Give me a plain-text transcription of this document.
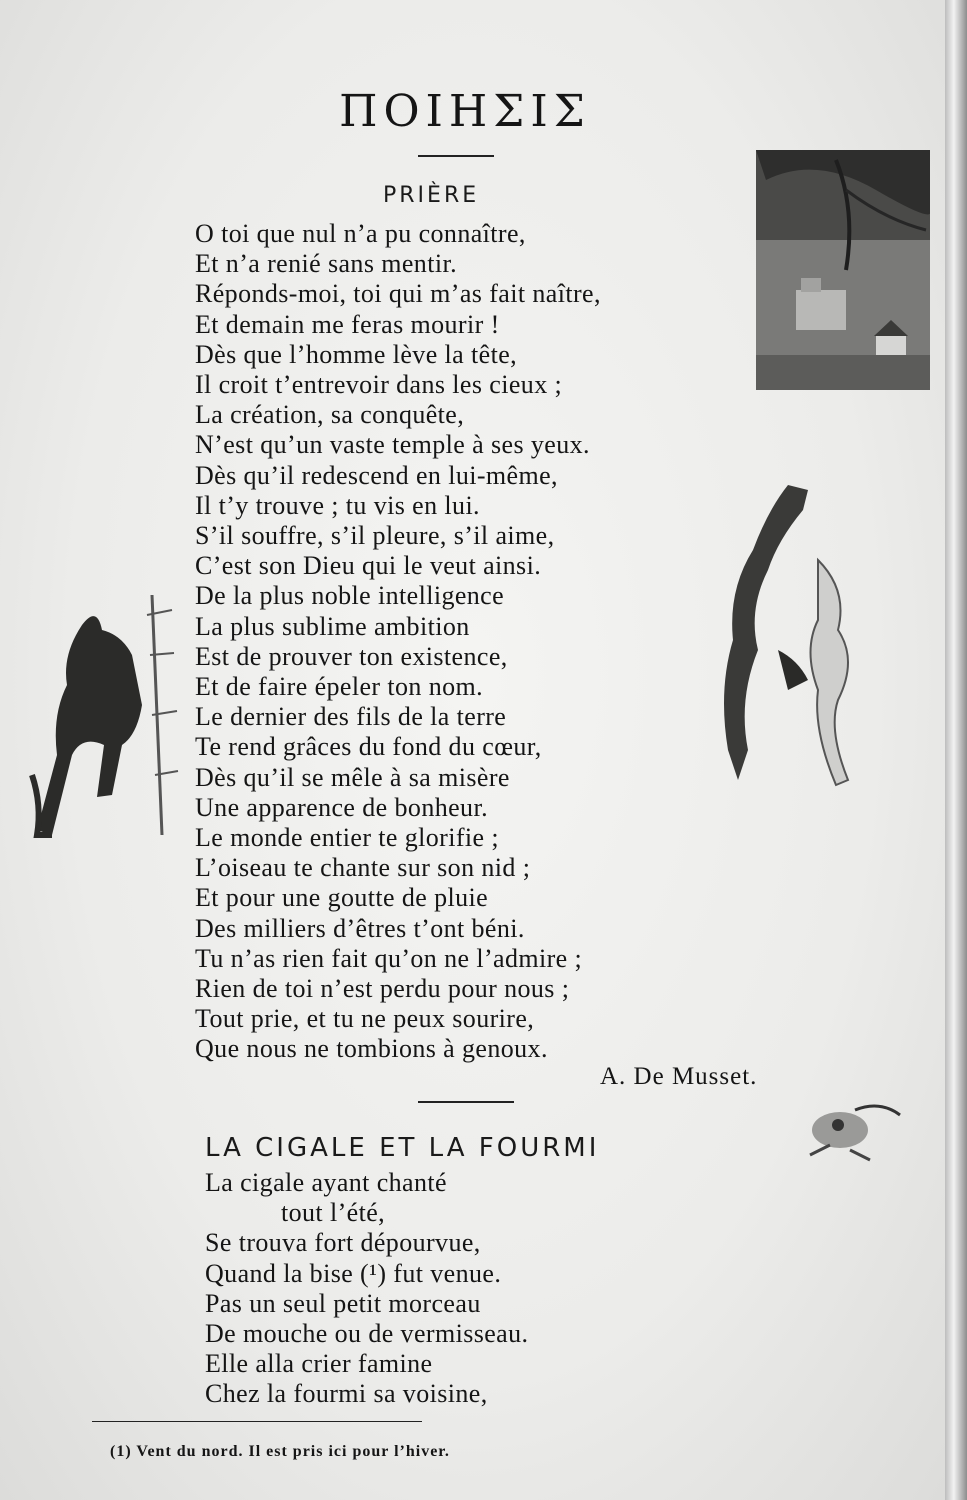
ΠΟΙΗΣΙΣ
PRIÈRE
O toi que nul n’a pu connaître,
Et n’a renié sans mentir.
Réponds-moi, toi qui m’as fait naître,
Et demain me feras mourir !
Dès que l’homme lève la tête,
Il croit t’entrevoir dans les cieux ;
La création, sa conquête,
N’est qu’un vaste temple à ses yeux.
Dès qu’il redescend en lui-même,
Il t’y trouve ; tu vis en lui.
S’il souffre, s’il pleure, s’il aime,
C’est son Dieu qui le veut ainsi.
De la plus noble intelligence
La plus sublime ambition
Est de prouver ton existence,
Et de faire épeler ton nom.
Le dernier des fils de la terre
Te rend grâces du fond du cœur,
Dès qu’il se mêle à sa misère
Une apparence de bonheur.
Le monde entier te glorifie ;
L’oiseau te chante sur son nid ;
Et pour une goutte de pluie
Des milliers d’êtres t’ont béni.
Tu n’as rien fait qu’on ne l’admire ;
Rien de toi n’est perdu pour nous ;
Tout prie, et tu ne peux sourire,
Que nous ne tombions à genoux.
A. De Musset.
LA CIGALE ET LA FOURMI
La cigale ayant chanté
tout l’été,
Se trouva fort dépourvue,
Quand la bise (¹) fut venue.
Pas un seul petit morceau
De mouche ou de vermisseau.
Elle alla crier famine
Chez la fourmi sa voisine,
(1) Vent du nord. Il est pris ici pour l’hiver.
